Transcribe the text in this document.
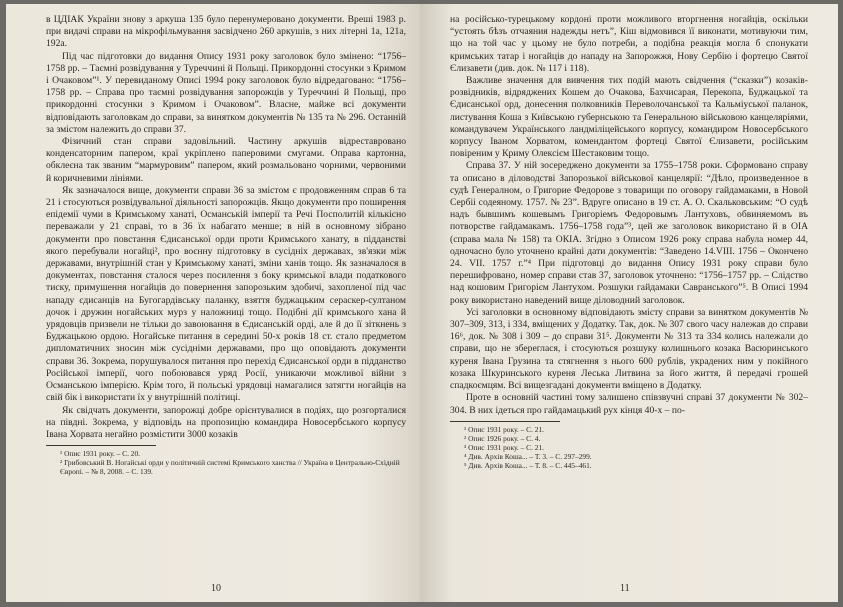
в ЦДІАК України знову з аркуша 135 було перенумеровано документи. Вреші 1983 р. при видачі справи на мікрофільмування засвідчено 260 аркушів, з них літерні 1а, 121а, 192а.

Під час підготовки до видання Опису 1931 року заголовок було змінено: “1756–1758 рр. – Таємні розвідування у Туреччині й Польщі. Прикордонні стосунки з Кримом і Очаковом”¹. У перевиданому Описі 1994 року заголовок було відредаговано: “1756–1758 рр. – Справа про таємні розвідування запорожців у Туреччині й Польщі, про прикордонні стосунки з Кримом і Очаковом”. Власне, майже всі документи відповідають заголовкам до справи, за винятком документів № 135 та № 296. Останній за змістом належить до справи 37.

Фізичний стан справи задовільний. Частину аркушів відреставровано конденсаторним папером, краї укріплено паперовими смугами. Оправа картонна, обклеєна так званим “мармуровим” папером, який розмальовано чорними, червоними й коричневими лініями.

Як зазначалося вище, документи справи 36 за змістом є продовженням справ 6 та 21 і стосуються розвідувальної діяльності запорожців. Якщо документи про поширення епідемії чуми в Кримському ханаті, Османській імперії та Речі Посполитій кількісно переважали у 21 справі, то в 36 їх набагато менше; в ній в основному зібрано документи про повстання Єдисанської орди проти Кримського ханату, в підданстві якого перебували ногайці², про воєнну підготовку в сусідніх державах, зв'язки між державами, внутрішній стан у Кримському ханаті, зміни ханів тощо. Як зазначалося в документах, повстання сталося через посилення з боку кримської влади податкового тиску, примушення ногайців до повернення запорозьким здобичі, захопленої під час нападу єдисанців на Бугогардівську паланку, взяття буджацьким сераскер-султаном дочок і дружин ногайських мурз у наложниці тощо. Подібні дії кримського хана й урядовців призвели не тільки до завоювання в Єдисанській орді, але й до її зіткнень з Буджацькою ордою. Ногайське питання в середині 50-х років 18 ст. стало предметом дипломатичних зносин між сусідніми державами, про що оповідають документи справи 36. Зокрема, порушувалося питання про перехід Єдисанської орди в підданство Російської імперії, чого побоювався уряд Росії, уникаючи можливої війни з Османською імперією. Крім того, й польські урядовці намагалися затягти ногайців на свій бік і використати їх у внутрішній політиці.

Як свідчать документи, запорожці добре орієнтувалися в подіях, що розгорталися на півдні. Зокрема, у відповідь на пропозицію командира Новосербського корпусу Івана Хорвата негайно розмістити 3000 козаків

¹ Опис 1931 року. – С. 20.

² Грибовський В. Ногайські орди у політичній системі Кримського ханства // Україна в Центрально-Східній Європі. – № 8, 2008. – С. 139.

10

на російсько-турецькому кордоні проти можливого вторгнення ногайців, оскільки “устоять бѣзъ отчаяния надежды нетъ”, Кіш відмовився її виконати, мотивуючи тим, що на той час у цьому не було потреби, а подібна реакція могла б спонукати кримських татар і ногайців до нападу на Запорожжя, Нову Сербію і фортецю Святої Єлизавети (див. док. № 117 і 118).

Важливе значення для вивчення тих подій мають свідчення (“сказки”) козаків-розвідників, відряджених Кошем до Очакова, Бахчисарая, Перекопа, Буджацької та Єдисанської орд, донесення полковників Переволочанської та Кальміуської паланок, листування Коша з Київською губернською та Генеральною військовою канцеляріями, командувачем Українського ландміліцейського корпусу, командиром Новосербського корпусу Іваном Хорватом, комендантом фортеці Святої Єлизавети, російським повіреним у Криму Олексієм Шестаковим тощо.

Справа 37. У ній зосереджено документи за 1755–1758 роки. Сформовано справу та описано в діловодстві Запорозької військової канцелярії: “Дѣло, произведенное в судѣ Генералном, о Григорие Федорове з товарищи по оговору гайдамаками, в Новой Сербіі содеяному. 1757. № 23”. Вдруге описано в 19 ст. А. О. Скальковським: “О судѣ надъ бывшимъ кошевымъ Григоріемъ Федоровымъ Лантуховъ, обвиняемомъ въ потворстве гайдамакамъ. 1756–1758 года”³, цей же заголовок використано й в ОІА (справа мала № 158) та ОКІА. Згідно з Описом 1926 року справа набула номер 44, одночасно було уточнено крайні дати документів: “Заведено 14.VIII. 1756 – Окончено 24. VII. 1757 г.”⁴ При підготовці до видання Опису 1931 року справи було перешифровано, номер справи став 37, заголовок уточнено: “1756–1757 рр. – Слідство над кошовим Григорієм Лантухом. Розшуки гайдамаки Савранського”⁵. В Описі 1994 року використано наведений вище діловодний заголовок.

Усі заголовки в основному відповідають змісту справи за винятком документів № 307–309, 313, і 334, вміщених у Додатку. Так, док. № 307 свого часу належав до справи 16⁶, док. № 308 і 309 – до справи 31⁵. Документи № 313 та 334 колись належали до справи, що не збереглася, і стосуються розшуку колишнього козака Васюринського куреня Івана Грузина та стягнення з нього 600 рублів, украдених ним у покійного козака Шкуринського куреня Леська Литвина за його життя, й передачі грошей спадкоємцям. Всі вищезгадані документи вміщено в Додатку.

Проте в основній частині тому залишено співзвучні справі 37 документи № 302–304. В них ідеться про гайдамацький рух кінця 40-х – по-

¹ Опис 1931 року. – С. 21.

² Опис 1926 року. – С. 4.

³ Опис 1931 року. – С. 21.

⁴ Див. Архів Коша... – Т. 3. – С. 297–299.

⁵ Див. Архів Коша... – Т. 8. – С. 445–461.

11
